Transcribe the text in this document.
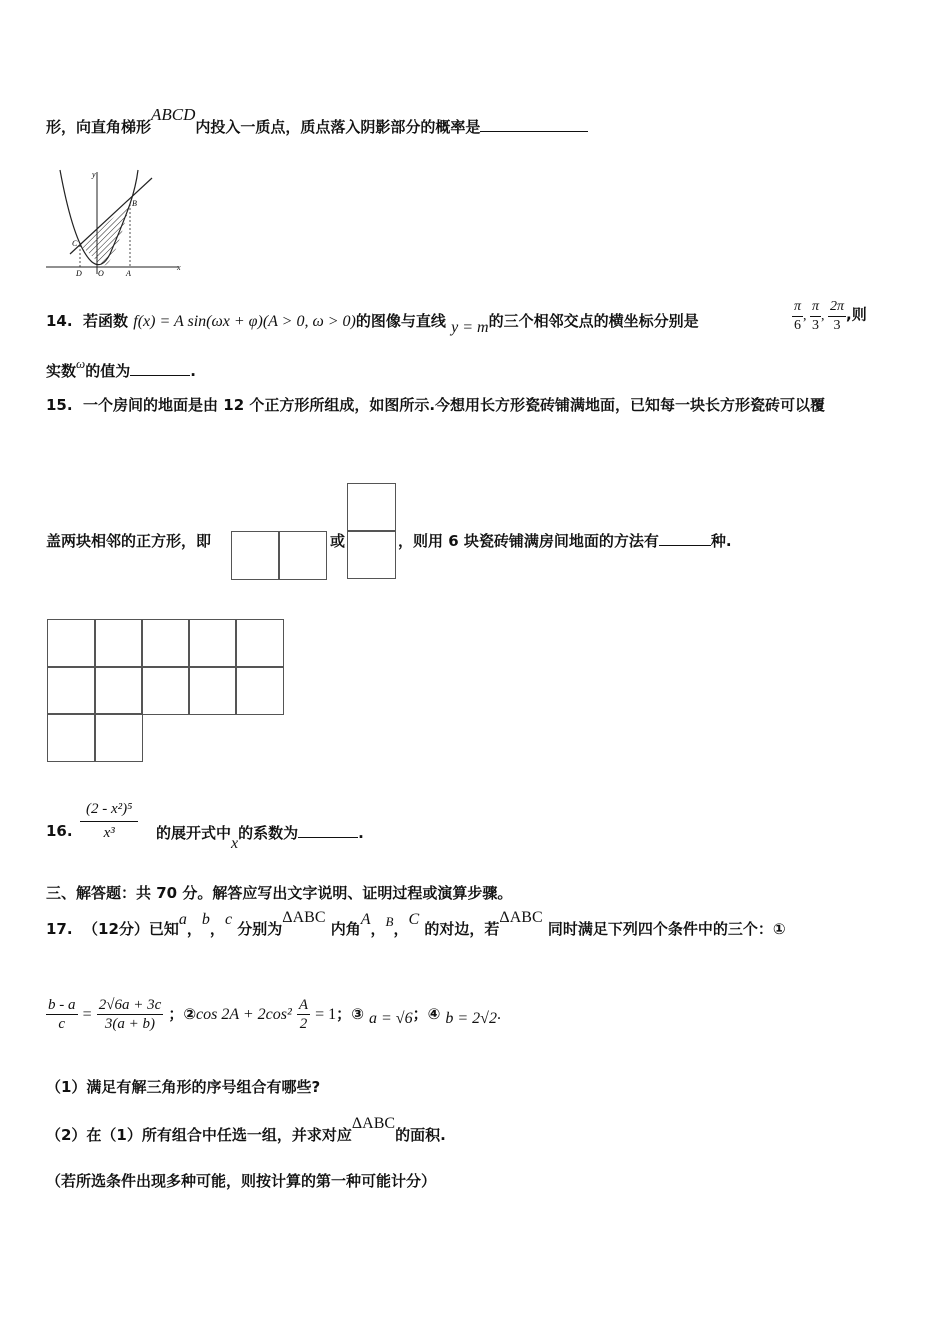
形，向直角梯形ABCD内投入一质点，质点落入阴影部分的概率是
x
y
B
C
D O	A
14. 若函数 f(x) = A sin(ωx + φ)(A > 0, ω > 0)的图像与直线 y = m的三个相邻交点的横坐标分别是	$\frac{\pi}{6}$ , $\frac{\pi}{3}$ , $\frac{2\pi}{3}$ ,则
实数ω的值为	.
15. 一个房间的地面是由 12 个正方形所组成，如图所示.今想用长方形瓷砖铺满地面，已知每一块长方形瓷砖可以覆
盖两块相邻的正方形，即	或	，则用 6 块瓷砖铺满房间地面的方法有	种.
16. $\frac{\text{(2 - x²)⁵}}{\text{x³}}$ 的展开式中x的系数为	.
三、解答题：共 70 分。解答应写出文字说明、证明过程或演算步骤。
17. （12分）已知a，b，c 分别为ΔABC 内角A，B，C 的对边，若ΔABC 同时满足下列四个条件中的三个：①
$\frac{b - a}{c} = \frac{2√6a + 3c}{3(a + b)}$ ；②cos $2A + 2\cos^2 \frac{A}{2} = 1$；③ a = √6；④ b = 2√2.
（1）满足有解三角形的序号组合有哪些?
（2）在（1）所有组合中任选一组，并求对应ΔABC的面积.
（若所选条件出现多种可能，则按计算的第一种可能计分）
